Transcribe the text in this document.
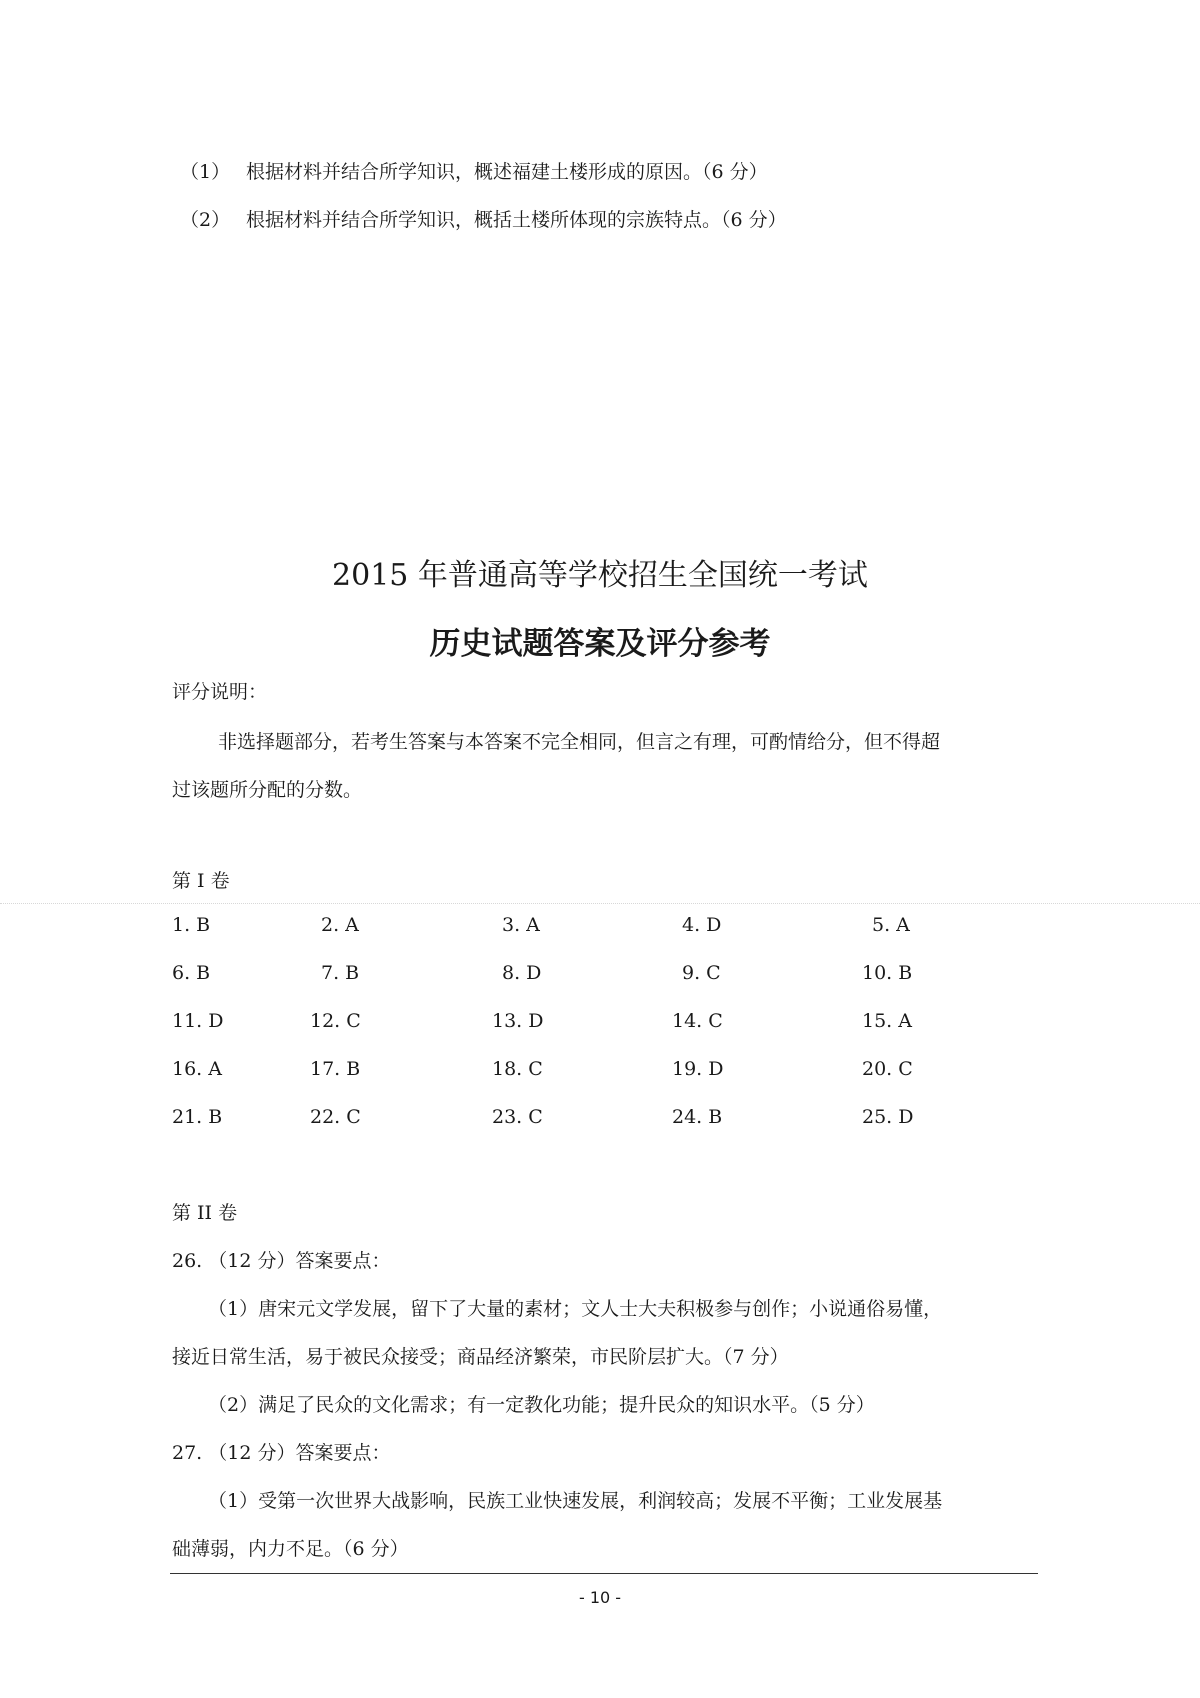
（1） 根据材料并结合所学知识，概述福建土楼形成的原因。（6 分）
（2） 根据材料并结合所学知识，概括土楼所体现的宗族特点。（6 分）
2015 年普通高等学校招生全国统一考试
历史试题答案及评分参考
评分说明：
非选择题部分，若考生答案与本答案不完全相同，但言之有理，可酌情给分，但不得超
过该题所分配的分数。
第 I 卷
1. B	2. A	3. A	4. D	5. A
6. B	7. B	8. D	9. C	10. B
11. D	12. C	13. D	14. C	15. A
16. A	17. B	18. C	19. D	20. C
21. B	22. C	23. C	24. B	25. D
第 II 卷
26. （12 分）答案要点：
（1）唐宋元文学发展，留下了大量的素材；文人士大夫积极参与创作；小说通俗易懂，
接近日常生活，易于被民众接受；商品经济繁荣，市民阶层扩大。（7 分）
（2）满足了民众的文化需求；有一定教化功能；提升民众的知识水平。（5 分）
27. （12 分）答案要点：
（1）受第一次世界大战影响，民族工业快速发展，利润较高；发展不平衡；工业发展基
础薄弱，内力不足。（6 分）
- 10 -
